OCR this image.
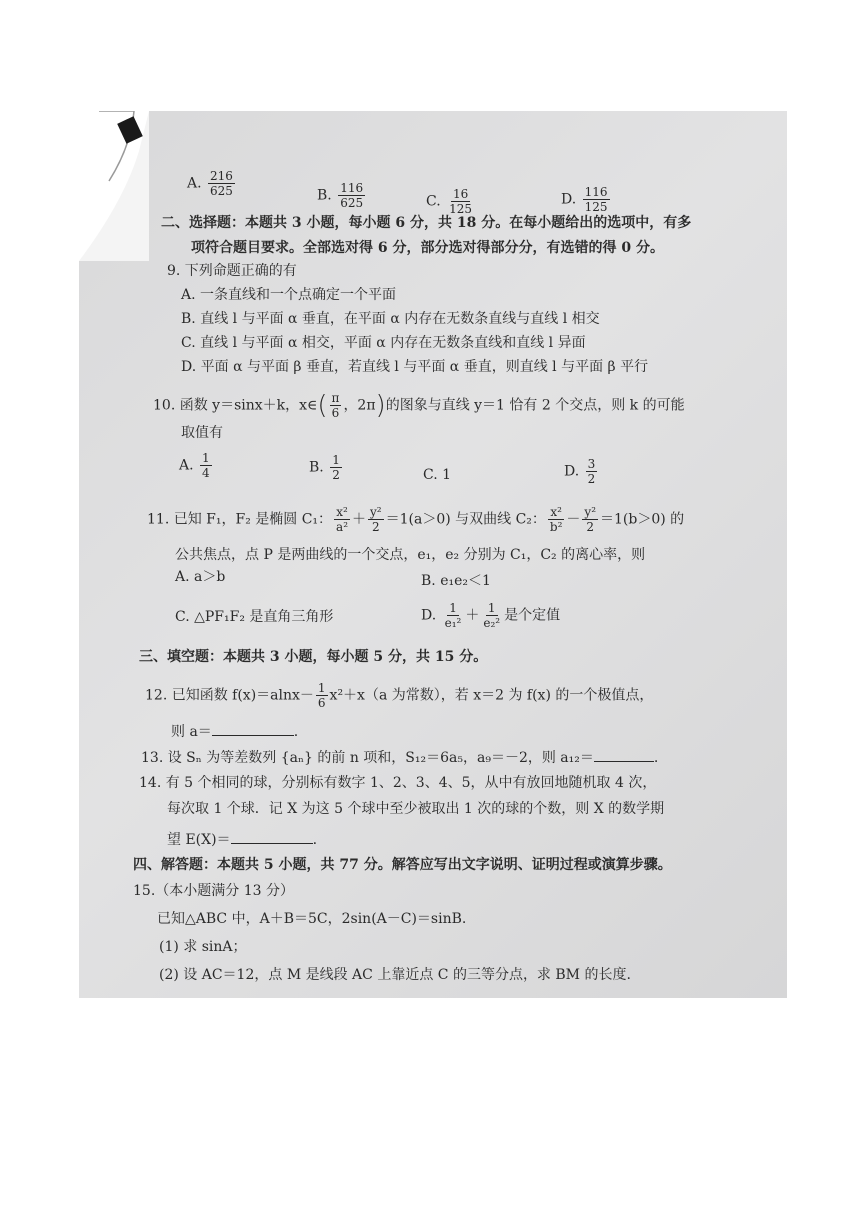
A. $\frac{216}{625}$	B. $\frac{116}{625}$	C. $\frac{16}{125}$	D. $\frac{116}{125}$
二、选择题：本题共 3 小题，每小题 6 分，共 18 分。在每小题给出的选项中，有多
项符合题目要求。全部选对得 6 分，部分选对得部分分，有选错的得 0 分。
9. 下列命题正确的有
A. 一条直线和一个点确定一个平面
B. 直线 l 与平面 α 垂直，在平面 α 内存在无数条直线与直线 l 相交
C. 直线 l 与平面 α 相交，平面 α 内存在无数条直线和直线 l 异面
D. 平面 α 与平面 β 垂直，若直线 l 与平面 α 垂直，则直线 l 与平面 β 平行
10. 函数 y＝sinx＋k，x∈( $\frac{\pi}{6}$ ，2π)的图象与直线 y＝1 恰有 2 个交点，则 k 的可能
取值有
A. $\frac{1}{4}$	B. $\frac{1}{2}$	C. 1	D. $\frac{3}{2}$
11. 已知 F₁，F₂ 是椭圆 C₁： $\frac{\text{x²}}{\text{a²}} + \frac{\text{y²}}{2} =1(a>0)$ 与双曲线 C₂： $\frac{\text{x²}}{\text{b²}} - \frac{\text{y²}}{2} =1(b>0)$ 的
公共焦点，点 P 是两曲线的一个交点，e₁，e₂ 分别为 C₁，C₂ 的离心率，则
A. a＞b	B. e₁e₂＜1
C. △PF₁F₂ 是直角三角形	D. $\frac{1}{\text{e₁²}} + \frac{1}{\text{e₂²}}$ 是个定值
三、填空题：本题共 3 小题，每小题 5 分，共 15 分。
12. 已知函数 $f(x)=alnx- \frac{1}{6} x^2+x(a$ 为常数），若 x＝2 为 f(x) 的一个极值点，
则 a＝	.
13. 设 Sₙ 为等差数列 {aₙ} 的前 n 项和，S₁₂＝6a₅，a₉＝－2，则 a₁₂＝	.
14. 有 5 个相同的球，分别标有数字 1、2、3、4、5，从中有放回地随机取 4 次，
每次取 1 个球．记 X 为这 5 个球中至少被取出 1 次的球的个数，则 X 的数学期
望 E(X)＝	.
四、解答题：本题共 5 小题，共 77 分。解答应写出文字说明、证明过程或演算步骤。
15.（本小题满分 13 分）
已知△ABC 中，A＋B＝5C，2sin(A－C)＝sinB.
(1) 求 sinA；
(2) 设 AC＝12，点 M 是线段 AC 上靠近点 C 的三等分点，求 BM 的长度.
